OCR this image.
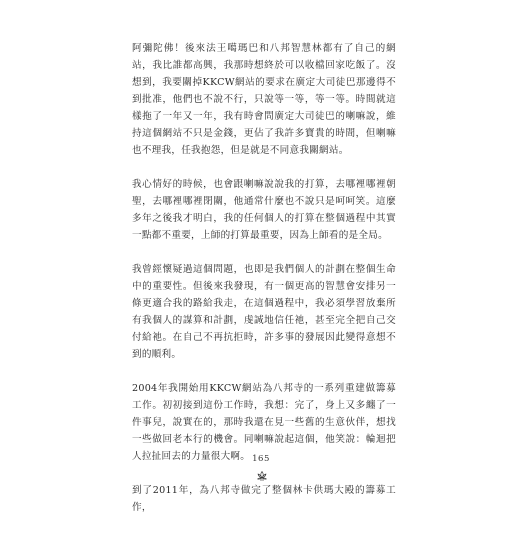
阿彌陀佛！後來法王噶瑪巴和八邦智慧林都有了自己的網站，我比誰都高興，我那時想終於可以收檔回家吃飯了。沒想到，我要關掉KKCW網站的要求在廣定大司徒巴那邊得不到批准，他們也不說不行，只說等一等，等一等。時間就這樣拖了一年又一年，我有時會問廣定大司徒巴的喇嘛說，維持這個網站不只是金錢，更佔了我許多寶貴的時間，但喇嘛也不理我，任我抱怨，但是就是不同意我關網站。

我心情好的時候，也會跟喇嘛說說我的打算，去哪裡哪裡朝聖，去哪裡哪裡閉關，他通常什麼也不說只是呵呵笑。這麼多年之後我才明白，我的任何個人的打算在整個過程中其實一點都不重要，上師的打算最重要，因為上師看的是全局。

我曾經懷疑過這個問題，也即是我們個人的計劃在整個生命中的重要性。但後來我發現，有一個更高的智慧會安排另一條更適合我的路給我走，在這個過程中，我必須學習放棄所有我個人的謀算和計劃，虔誠地信任祂，甚至完全把自己交付給祂。在自己不再抗拒時，許多事的發展因此變得意想不到的順利。

2004年我開始用KKCW網站為八邦寺的一系列重建做籌募工作。初初接到這份工作時，我想：完了，身上又多纏了一件事兒，說實在的，那時我還在見一些舊的生意伙伴，想找一些做回老本行的機會。同喇嘛說起這個，他笑說：輪迴把人拉扯回去的力量很大啊。

到了2011年，為八邦寺做完了整個林卡供瑪大殿的籌募工作，

165
